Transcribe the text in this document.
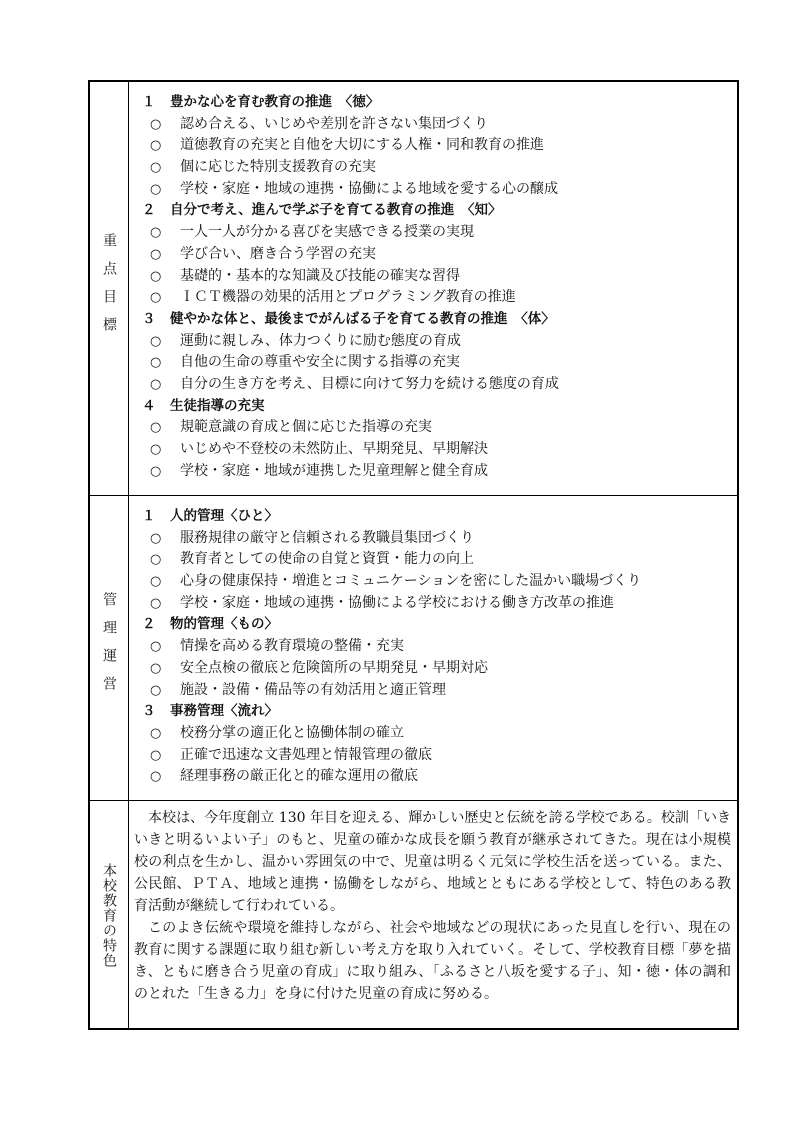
重点目標
１ 豊かな心を育む教育の推進　〈徳〉
○ 認め合える、いじめや差別を許さない集団づくり
○ 道徳教育の充実と自他を大切にする人権・同和教育の推進
○ 個に応じた特別支援教育の充実
○ 学校・家庭・地域の連携・協働による地域を愛する心の醸成
２ 自分で考え、進んで学ぶ子を育てる教育の推進　〈知〉
○ 一人一人が分かる喜びを実感できる授業の実現
○ 学び合い、磨き合う学習の充実
○ 基礎的・基本的な知識及び技能の確実な習得
○ ＩＣＴ機器の効果的活用とプログラミング教育の推進
３ 健やかな体と、最後までがんばる子を育てる教育の推進　〈体〉
○ 運動に親しみ、体力つくりに励む態度の育成
○ 自他の生命の尊重や安全に関する指導の充実
○ 自分の生き方を考え、目標に向けて努力を続ける態度の育成
４ 生徒指導の充実
○ 規範意識の育成と個に応じた指導の充実
○ いじめや不登校の未然防止、早期発見、早期解決
○ 学校・家庭・地域が連携した児童理解と健全育成
管理運営
１ 人的管理〈ひと〉
○ 服務規律の厳守と信頼される教職員集団づくり
○ 教育者としての使命の自覚と資質・能力の向上
○ 心身の健康保持・増進とコミュニケーションを密にした温かい職場づくり
○ 学校・家庭・地域の連携・協働による学校における働き方改革の推進
２ 物的管理〈もの〉
○ 情操を高める教育環境の整備・充実
○ 安全点検の徹底と危険箇所の早期発見・早期対応
○ 施設・設備・備品等の有効活用と適正管理
３ 事務管理〈流れ〉
○ 校務分掌の適正化と協働体制の確立
○ 正確で迅速な文書処理と情報管理の徹底
○ 経理事務の厳正化と的確な運用の徹底
本校教育の特色

本校は、今年度創立 130 年目を迎える、輝かしい歴史と伝統を誇る学校である。校訓「いきいきと明るいよい子」のもと、児童の確かな成長を願う教育が継承されてきた。現在は小規模校の利点を生かし、温かい雰囲気の中で、児童は明るく元気に学校生活を送っている。また、公民館、ＰＴＡ、地域と連携・協働をしながら、地域とともにある学校として、特色のある教育活動が継続して行われている。

このよき伝統や環境を維持しながら、社会や地域などの現状にあった見直しを行い、現在の教育に関する課題に取り組む新しい考え方を取り入れていく。そして、学校教育目標「夢を描き、ともに磨き合う児童の育成」に取り組み、「ふるさと八坂を愛する子」、知・徳・体の調和のとれた「生きる力」を身に付けた児童の育成に努める。
